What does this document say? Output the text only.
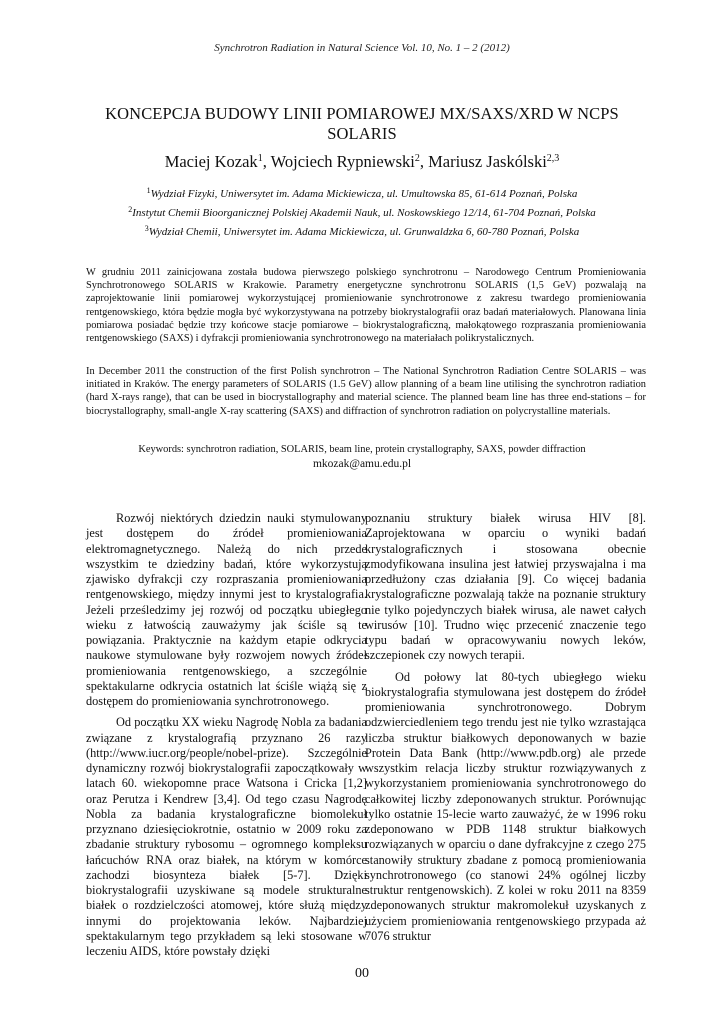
Synchrotron Radiation in Natural Science Vol. 10, No. 1 – 2 (2012)
KONCEPCJA BUDOWY LINII POMIAROWEJ MX/SAXS/XRD W NCPS
SOLARIS
Maciej Kozak$^1$, Wojciech Rypniewski$^2$, Mariusz Jaskólski$^{2,3}$
$^1$Wydział Fizyki, Uniwersytet im. Adama Mickiewicza, ul. Umultowska 85, 61-614 Poznań, Polska
$^2$Instytut Chemii Bioorganicznej Polskiej Akademii Nauk, ul. Noskowskiego 12/14, 61-704 Poznań, Polska
$^3$Wydział Chemii, Uniwersytet im. Adama Mickiewicza, ul. Grunwaldzka 6, 60-780 Poznań, Polska

W grudniu 2011 zainicjowana została budowa pierwszego polskiego synchrotronu – Narodowego Centrum Promieniowania Synchrotronowego SOLARIS w Krakowie. Parametry energetyczne synchrotronu SOLARIS (1,5 GeV) pozwalają na zaprojektowanie linii pomiarowej wykorzystującej promieniowanie synchrotronowe z zakresu twardego promieniowania rentgenowskiego, która będzie mogła być wykorzystywana na potrzeby biokrystalografii oraz badań materiałowych. Planowana linia pomiarowa posiadać będzie trzy końcowe stacje pomiarowe – biokrystalograficzną, małokątowego rozpraszania promieniowania rentgenowskiego (SAXS) i dyfrakcji promieniowania synchrotronowego na materiałach polikrystalicznych.

In December 2011 the construction of the first Polish synchrotron – The National Synchrotron Radiation Centre SOLARIS – was initiated in Kraków. The energy parameters of SOLARIS (1.5 GeV) allow planning of a beam line utilising the synchrotron radiation (hard X-rays range), that can be used in biocrystallography and material science. The planned beam line has three end-stations – for biocrystallography, small-angle X-ray scattering (SAXS) and diffraction of synchrotron radiation on polycrystalline materials.

Keywords: synchrotron radiation, SOLARIS, beam line, protein crystallography, SAXS, powder diffraction
mkozak@amu.edu.pl

Rozwój niektórych dziedzin nauki stymulowany jest dostępem do źródeł promieniowania elektromagnetycznego. Należą do nich przede wszystkim te dziedziny badań, które wykorzystują zjawisko dyfrakcji czy rozpraszania promieniowania rentgenowskiego, między innymi jest to krystalografia. Jeżeli prześledzimy jej rozwój od początku ubiegłego wieku z łatwością zauważymy jak ściśle są te powiązania. Praktycznie na każdym etapie odkrycia naukowe stymulowane były rozwojem nowych źródeł promieniowania rentgenowskiego, a szczególnie spektakularne odkrycia ostatnich lat ściśle wiążą się z dostępem do promieniowania synchrotronowego.

Od początku XX wieku Nagrodę Nobla za badania związane z krystalografią przyznano 26 razy (http://www.iucr.org/people/nobel-prize). Szczególnie dynamiczny rozwój biokrystalografii zapoczątkowały w latach 60. wiekopomne prace Watsona i Cricka [1,2] oraz Perutza i Kendrew [3,4]. Od tego czasu Nagrodę Nobla za badania krystalograficzne biomolekuł przyznano dziesięciokrotnie, ostatnio w 2009 roku za zbadanie struktury rybosomu – ogromnego kompleksu łańcuchów RNA oraz białek, na którym w komórce zachodzi biosynteza białek [5-7]. Dzięki biokrystalografii uzyskiwane są modele strukturalne białek o rozdzielczości atomowej, które służą między innymi do projektowania leków. Najbardziej spektakularnym tego przykładem są leki stosowane w leczeniu AIDS, które powstały dzięki

poznaniu struktury białek wirusa HIV [8]. Zaprojektowana w oparciu o wyniki badań krystalograficznych i stosowana obecnie zmodyfikowana insulina jest łatwiej przyswajalna i ma przedłużony czas działania [9]. Co więcej badania krystalograficzne pozwalają także na poznanie struktury nie tylko pojedynczych białek wirusa, ale nawet całych wirusów [10]. Trudno więc przecenić znaczenie tego typu badań w opracowywaniu nowych leków, szczepionek czy nowych terapii.

Od połowy lat 80-tych ubiegłego wieku biokrystalografia stymulowana jest dostępem do źródeł promieniowania synchrotronowego. Dobrym odzwierciedleniem tego trendu jest nie tylko wzrastająca liczba struktur białkowych deponowanych w bazie Protein Data Bank (http://www.pdb.org) ale przede wszystkim relacja liczby struktur rozwiązywanych z wykorzystaniem promieniowania synchrotronowego do całkowitej liczby zdeponowanych struktur. Porównując tylko ostatnie 15-lecie warto zauważyć, że w 1996 roku zdeponowano w PDB 1148 struktur białkowych rozwiązanych w oparciu o dane dyfrakcyjne z czego 275 stanowiły struktury zbadane z pomocą promieniowania synchrotronowego (co stanowi 24% ogólnej liczby struktur rentgenowskich). Z kolei w roku 2011 na 8359 zdeponowanych struktur makromolekuł uzyskanych z użyciem promieniowania rentgenowskiego przypada aż 7076 struktur

00
